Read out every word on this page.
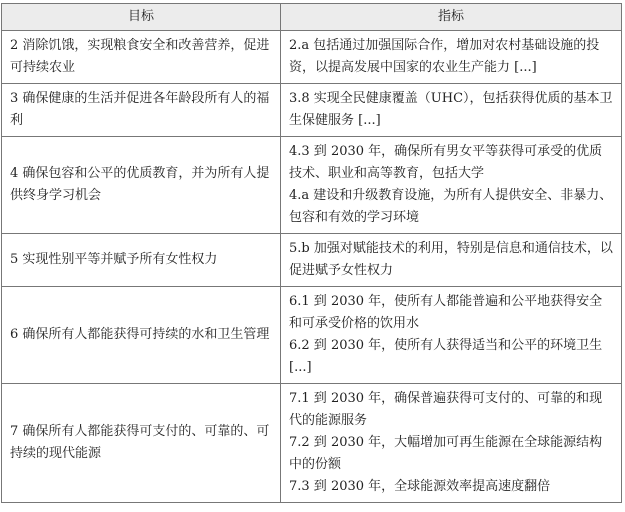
目标	指标
2 消除饥饿，实现粮食安全和改善营养，促进可持续农业	2.a 包括通过加强国际合作，增加对农村基础设施的投资，以提高发展中国家的农业生产能力 [...]

3 确保健康的生活并促进各年龄段所有人的福利	3.8 实现全民健康覆盖（UHC），包括获得优质的基本卫生保健服务 [...]

4 确保包容和公平的优质教育，并为所有人提供终身学习机会	4.3 到 2030 年，确保所有男女平等获得可承受的优质技术、职业和高等教育，包括大学
4.a 建设和升级教育设施，为所有人提供安全、非暴力、包容和有效的学习环境

5 实现性别平等并赋予所有女性权力	5.b 加强对赋能技术的利用，特别是信息和通信技术，以促进赋予女性权力

6 确保所有人都能获得可持续的水和卫生管理	6.1 到 2030 年，使所有人都能普遍和公平地获得安全和可承受价格的饮用水
6.2 到 2030 年，使所有人获得适当和公平的环境卫生 [...]

7 确保所有人都能获得可支付的、可靠的、可持续的现代能源	7.1 到 2030 年，确保普遍获得可支付的、可靠的和现代的能源服务
7.2 到 2030 年，大幅增加可再生能源在全球能源结构中的份额
7.3 到 2030 年，全球能源效率提高速度翻倍
